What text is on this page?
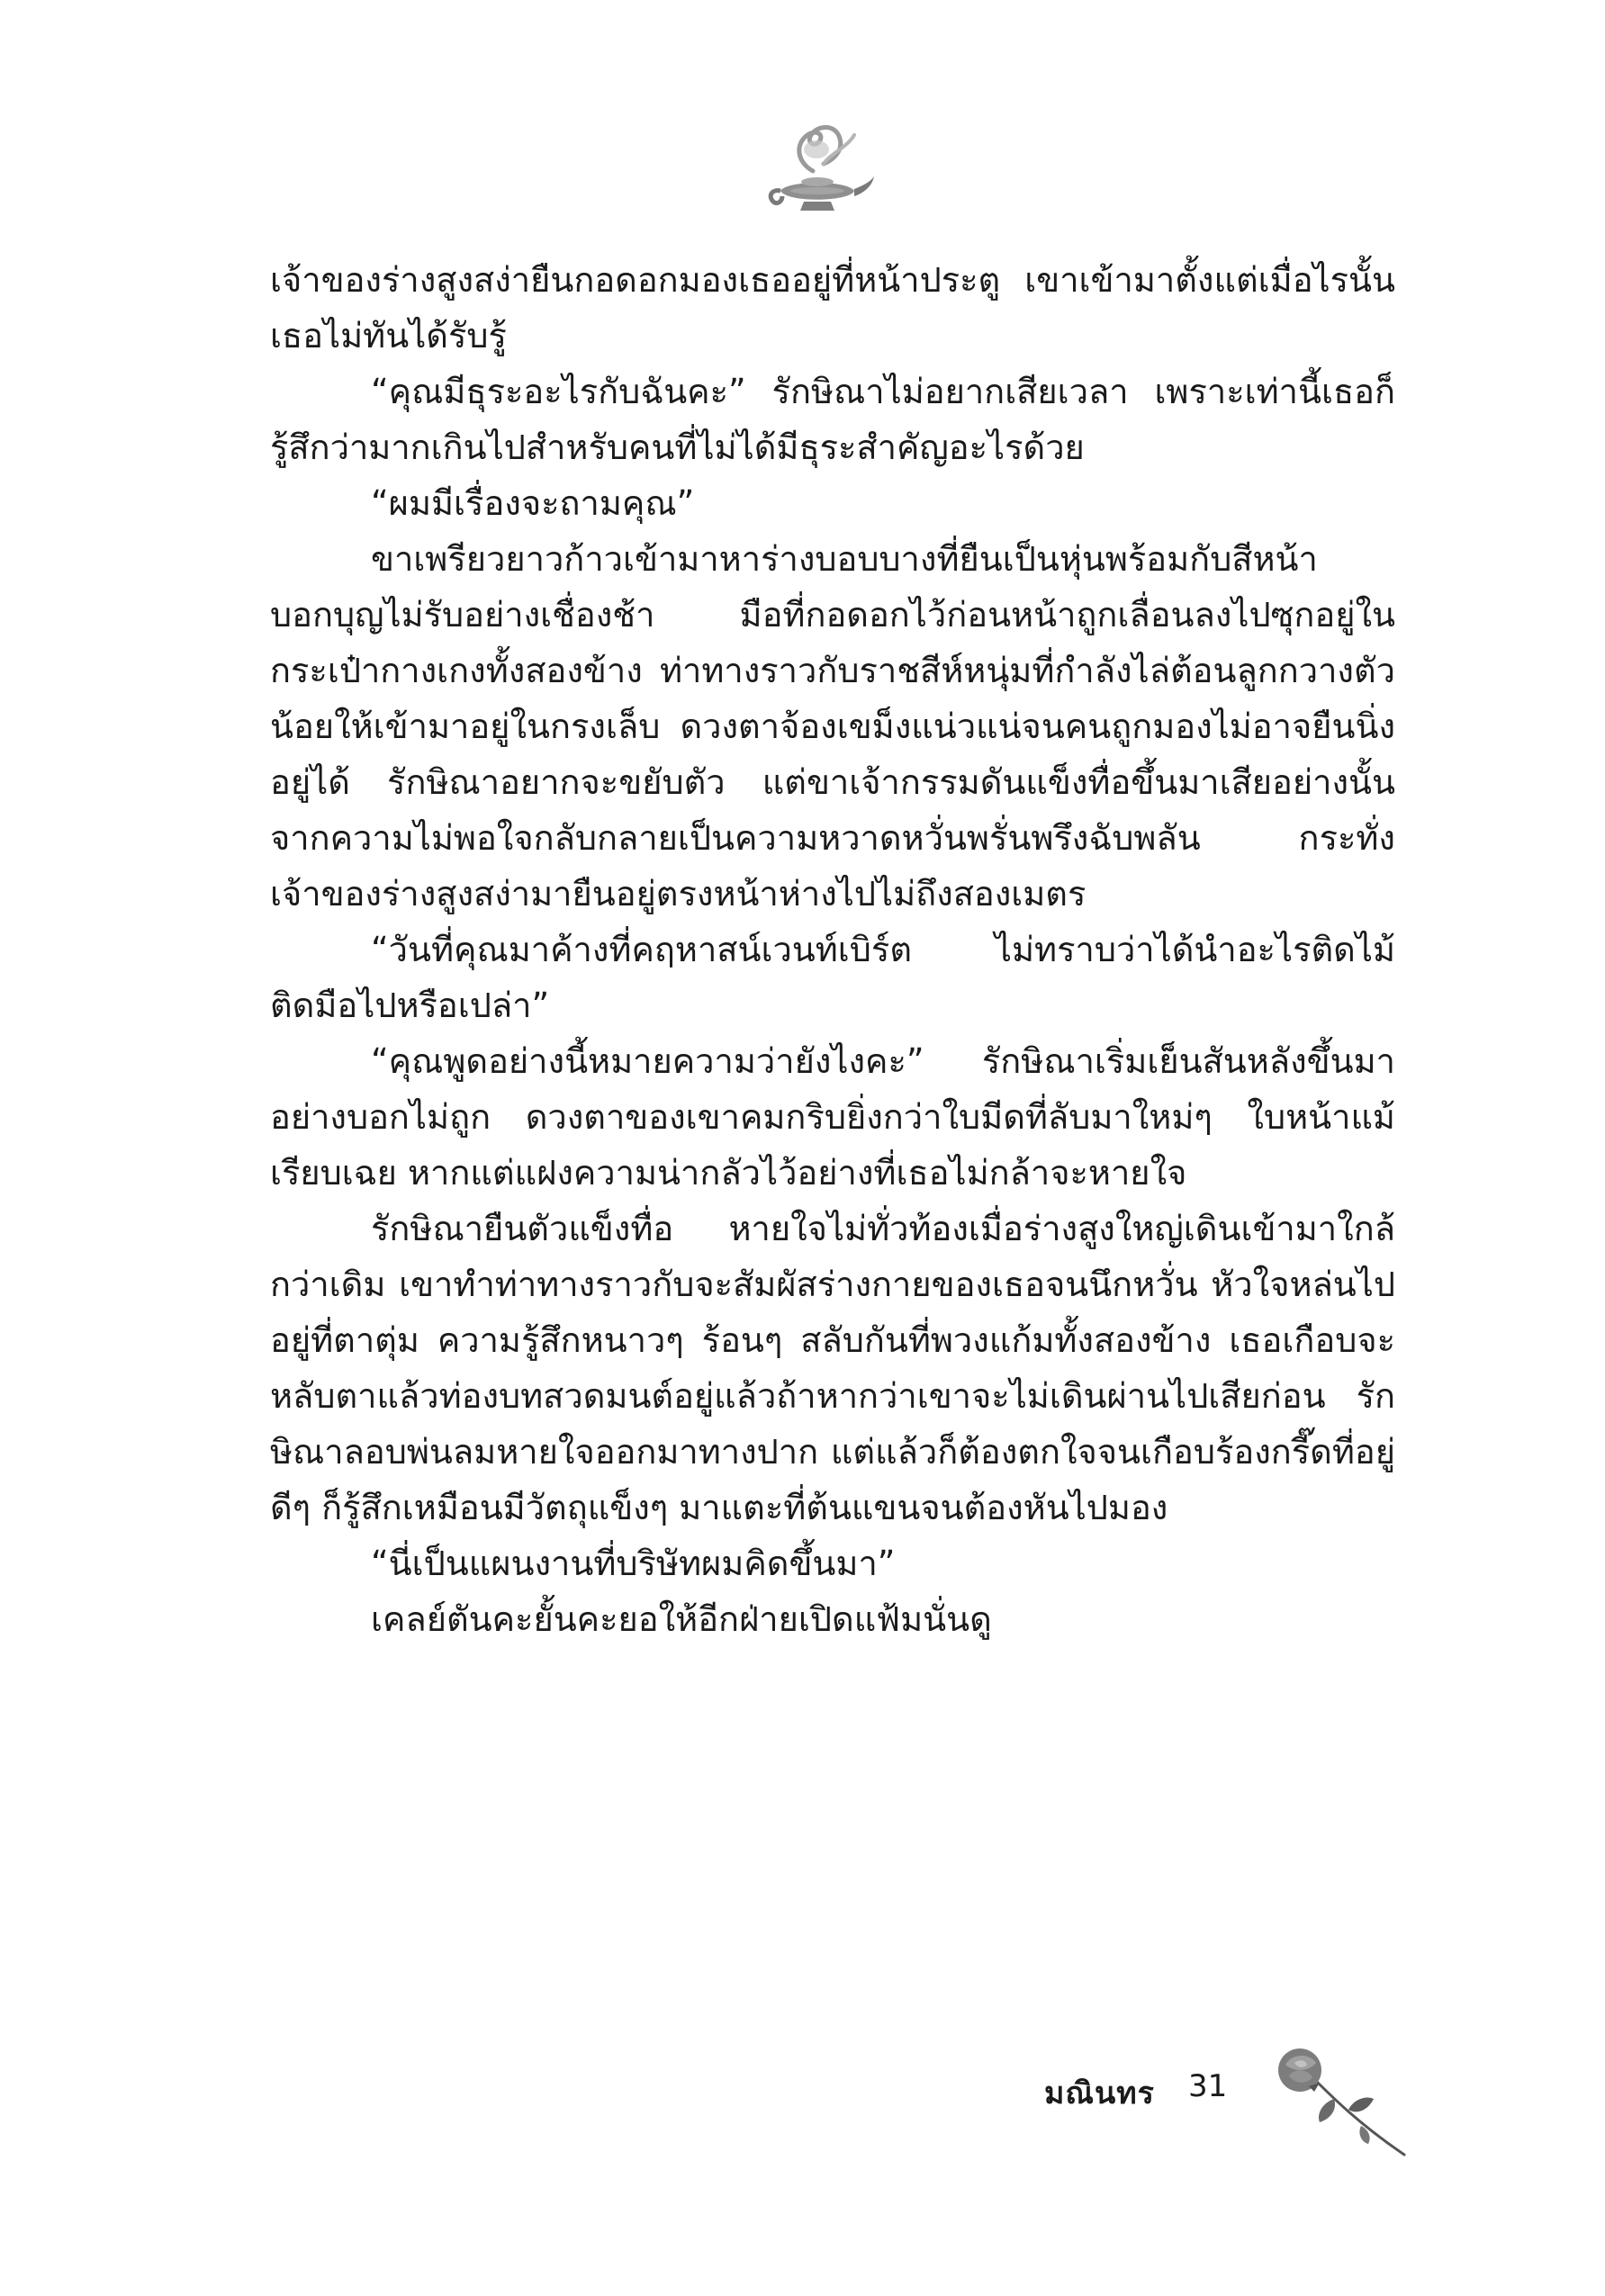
เจ้าของร่างสูงสง่ายืนกอดอกมองเธออยู่ที่หน้าประตู เขาเข้ามาตั้งแต่เมื่อไรนั้นเธอไม่ทันได้รับรู้

“คุณมีธุระอะไรกับฉันคะ” รักษิณาไม่อยากเสียเวลา เพราะเท่านี้เธอก็รู้สึกว่ามากเกินไปสำหรับคนที่ไม่ได้มีธุระสำคัญอะไรด้วย

“ผมมีเรื่องจะถามคุณ”

ขาเพรียวยาวก้าวเข้ามาหาร่างบอบบางที่ยืนเป็นหุ่นพร้อมกับสีหน้าบอกบุญไม่รับอย่างเชื่องช้า มือที่กอดอกไว้ก่อนหน้าถูกเลื่อนลงไปซุกอยู่ในกระเป๋ากางเกงทั้งสองข้าง ท่าทางราวกับราชสีห์หนุ่มที่กำลังไล่ต้อนลูกกวางตัวน้อยให้เข้ามาอยู่ในกรงเล็บ ดวงตาจ้องเขม็งแน่วแน่จนคนถูกมองไม่อาจยืนนิ่งอยู่ได้ รักษิณาอยากจะขยับตัว แต่ขาเจ้ากรรมดันแข็งทื่อขึ้นมาเสียอย่างนั้น จากความไม่พอใจกลับกลายเป็นความหวาดหวั่นพรั่นพรึงฉับพลัน กระทั่งเจ้าของร่างสูงสง่ามายืนอยู่ตรงหน้าห่างไปไม่ถึงสองเมตร

“วันที่คุณมาค้างที่คฤหาสน์เวนท์เบิร์ต ไม่ทราบว่าได้นำอะไรติดไม้ติดมือไปหรือเปล่า”

“คุณพูดอย่างนี้หมายความว่ายังไงคะ” รักษิณาเริ่มเย็นสันหลังขึ้นมาอย่างบอกไม่ถูก ดวงตาของเขาคมกริบยิ่งกว่าใบมีดที่ลับมาใหม่ๆ ใบหน้าแม้เรียบเฉย หากแต่แฝงความน่ากลัวไว้อย่างที่เธอไม่กล้าจะหายใจ

รักษิณายืนตัวแข็งทื่อ หายใจไม่ทั่วท้องเมื่อร่างสูงใหญ่เดินเข้ามาใกล้กว่าเดิม เขาทำท่าทางราวกับจะสัมผัสร่างกายของเธอจนนึกหวั่น หัวใจหล่นไปอยู่ที่ตาตุ่ม ความรู้สึกหนาวๆ ร้อนๆ สลับกันที่พวงแก้มทั้งสองข้าง เธอเกือบจะหลับตาแล้วท่องบทสวดมนต์อยู่แล้วถ้าหากว่าเขาจะไม่เดินผ่านไปเสียก่อน รักษิณาลอบพ่นลมหายใจออกมาทางปาก แต่แล้วก็ต้องตกใจจนเกือบร้องกรี๊ดที่อยู่ดีๆ ก็รู้สึกเหมือนมีวัตถุแข็งๆ มาแตะที่ต้นแขนจนต้องหันไปมอง

“นี่เป็นแผนงานที่บริษัทผมคิดขึ้นมา”

เคลย์ตันคะยั้นคะยอให้อีกฝ่ายเปิดแฟ้มนั่นดู

มณินทร 31
